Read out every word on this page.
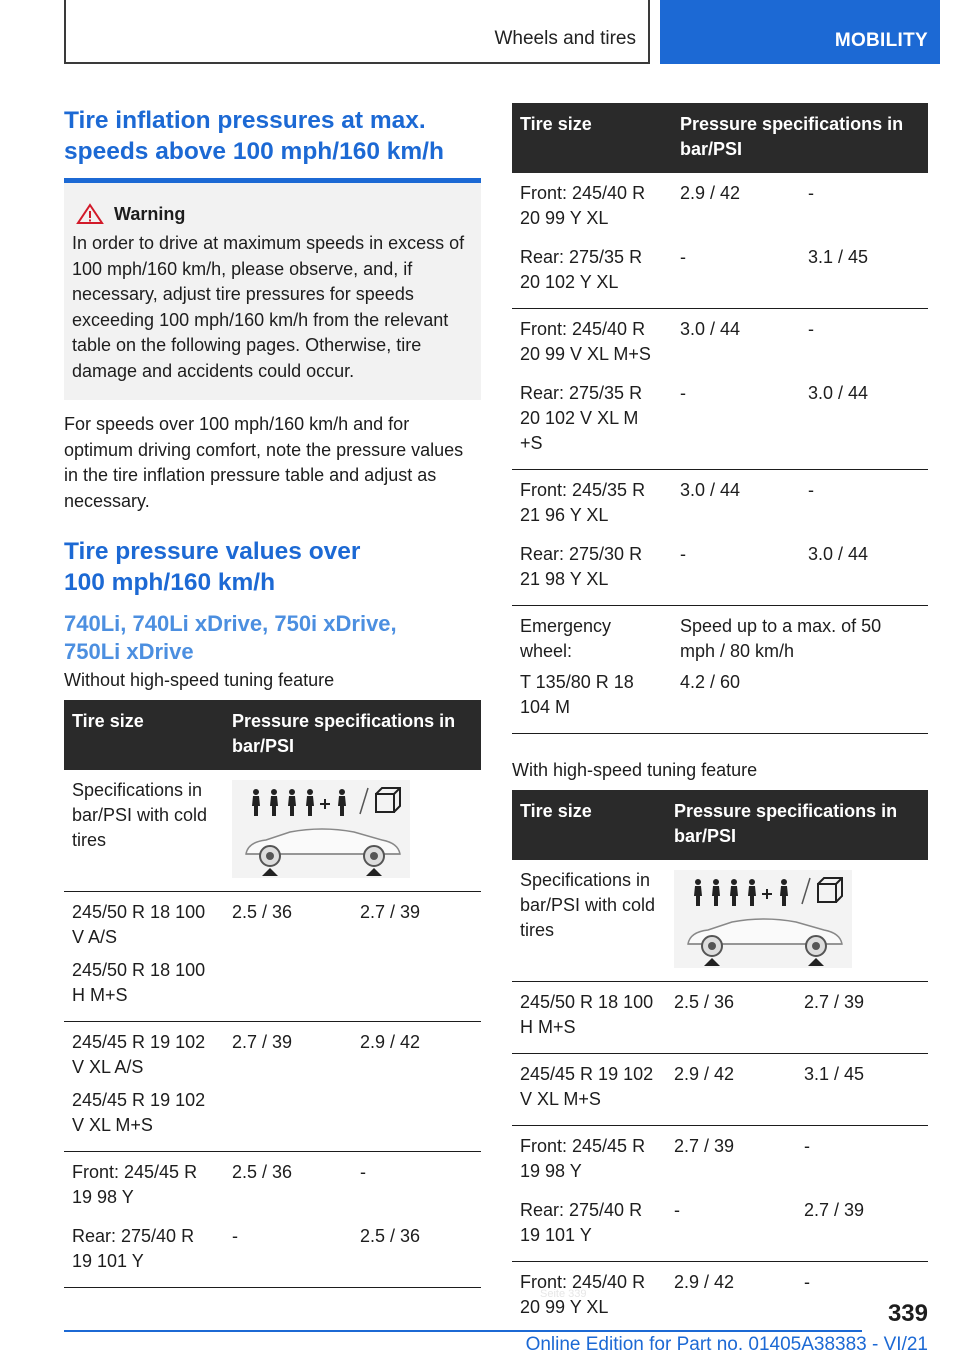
Wheels and tires	MOBILITY
Tire inflation pressures at max. speeds above 100 mph/160 km/h
Warning
In order to drive at maximum speeds in excess of 100 mph/160 km/h, please observe, and, if necessary, adjust tire pressures for speeds exceeding 100 mph/160 km/h from the relevant table on the following pages. Otherwise, tire damage and accidents could occur.
For speeds over 100 mph/160 km/h and for optimum driving comfort, note the pressure values in the tire inflation pressure table and adjust as necessary.
Tire pressure values over 100 mph/160 km/h
740Li, 740Li xDrive, 750i xDrive, 750Li xDrive
Without high-speed tuning feature
Tire size	Pressure specifications in bar/PSI	
Specifications in bar/PSI with cold tires	

245/50 R 18 100 V A/S	2.5 / 36	2.7 / 39
245/50 R 18 100 H M+S		
245/45 R 19 102 V XL A/S	2.7 / 39	2.9 / 42
245/45 R 19 102 V XL M+S		
Front: 245/45 R 19 98 Y	2.5 / 36	-
Rear: 275/40 R 19 101 Y	-	2.5 / 36
Tire size	Pressure specifications in bar/PSI	
Front: 245/40 R 20 99 Y XL	2.9 / 42	-
Rear: 275/35 R 20 102 Y XL	-	3.1 / 45
Front: 245/40 R 20 99 V XL M+S	3.0 / 44	-
Rear: 275/35 R 20 102 V XL M +S	-	3.0 / 44
Front: 245/35 R 21 96 Y XL	3.0 / 44	-
Rear: 275/30 R 21 98 Y XL	-	3.0 / 44
Emergency wheel:	Speed up to a max. of 50 mph / 80 km/h	
T 135/80 R 18 104 M	4.2 / 60	
With high-speed tuning feature
Tire size	Pressure specifications in bar/PSI	
Specifications in bar/PSI with cold tires	

245/50 R 18 100 H M+S	2.5 / 36	2.7 / 39
245/45 R 19 102 V XL M+S	2.9 / 42	3.1 / 45
Front: 245/45 R 19 98 Y	2.7 / 39	-
Rear: 275/40 R 19 101 Y	-	2.7 / 39
Front: 245/40 R 20 99 Y XL	2.9 / 42	-
339
Online Edition for Part no. 01405A38383 - VI/21
Seite 339
